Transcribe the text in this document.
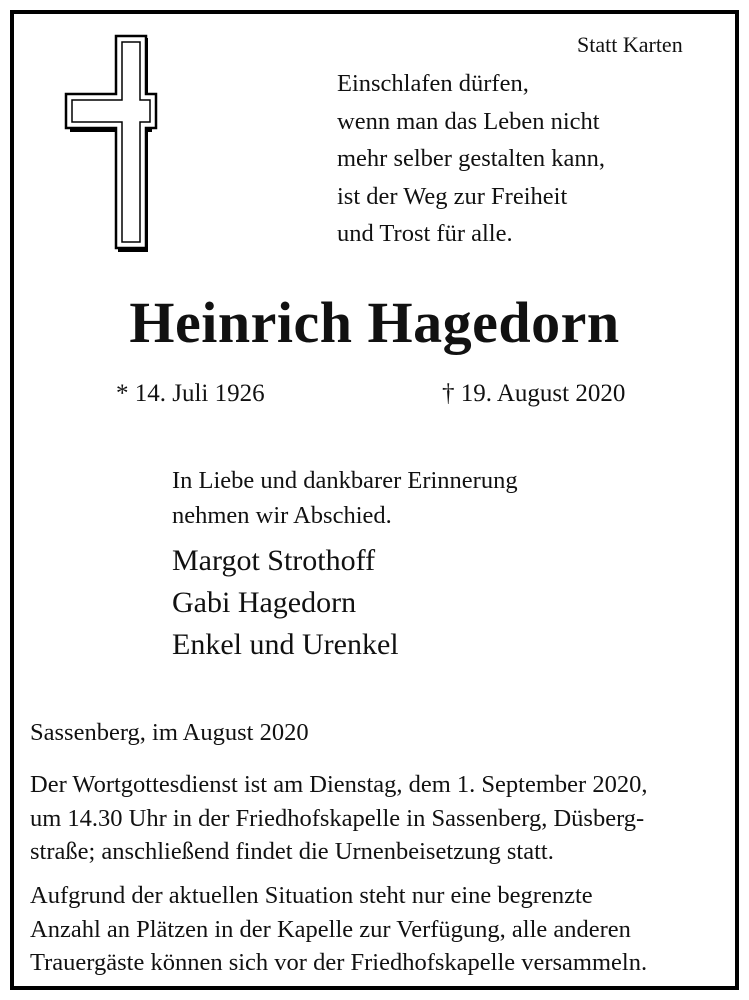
Statt Karten
Einschlafen dürfen,
wenn man das Leben nicht
mehr selber gestalten kann,
ist der Weg zur Freiheit
und Trost für alle.
Heinrich Hagedorn
* 14. Juli 1926	† 19. August 2020
In Liebe und dankbarer Erinnerung
nehmen wir Abschied.
Margot Strothoff
Gabi Hagedorn
Enkel und Urenkel
Sassenberg, im August 2020
Der Wortgottesdienst ist am Dienstag, dem 1. September 2020,
um 14.30 Uhr in der Friedhofskapelle in Sassenberg, Düsberg-
straße; anschließend findet die Urnenbeisetzung statt.
Aufgrund der aktuellen Situation steht nur eine begrenzte
Anzahl an Plätzen in der Kapelle zur Verfügung, alle anderen
Trauergäste können sich vor der Friedhofskapelle versammeln.
